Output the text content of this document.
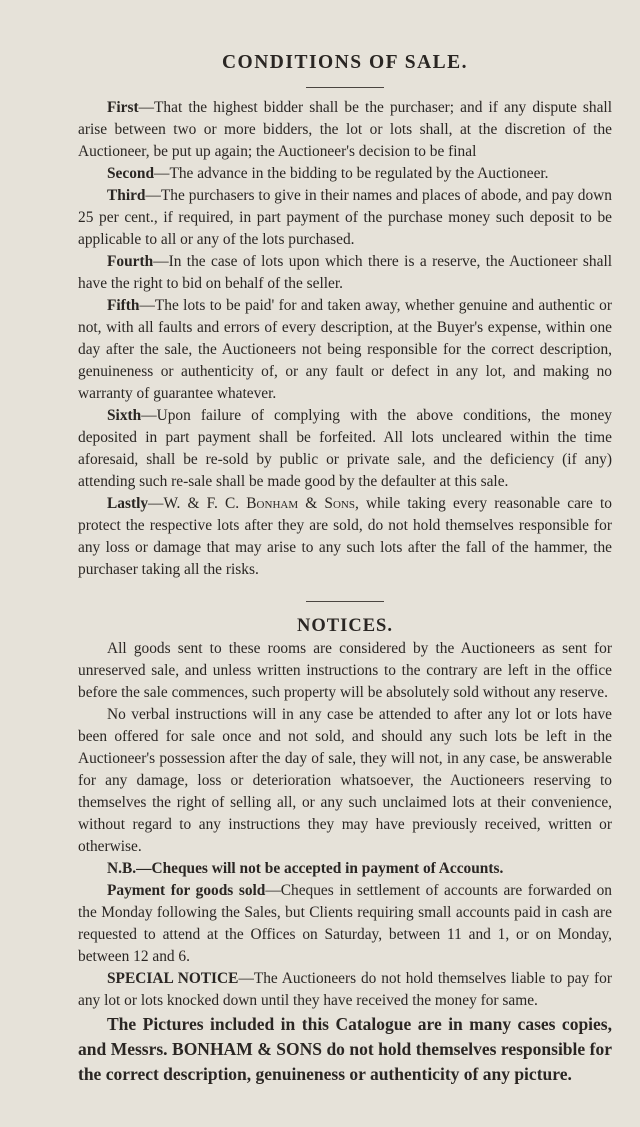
CONDITIONS OF SALE.

First—That the highest bidder shall be the purchaser; and if any dispute shall arise between two or more bidders, the lot or lots shall, at the discretion of the Auctioneer, be put up again; the Auctioneer's decision to be final

Second—The advance in the bidding to be regulated by the Auctioneer.

Third—The purchasers to give in their names and places of abode, and pay down 25 per cent., if required, in part payment of the purchase money such deposit to be applicable to all or any of the lots purchased.

Fourth—In the case of lots upon which there is a reserve, the Auctioneer shall have the right to bid on behalf of the seller.

Fifth—The lots to be paid' for and taken away, whether genuine and authentic or not, with all faults and errors of every description, at the Buyer's expense, within one day after the sale, the Auctioneers not being responsible for the correct description, genuineness or authenticity of, or any fault or defect in any lot, and making no warranty of guarantee whatever.

Sixth—Upon failure of complying with the above conditions, the money deposited in part payment shall be forfeited. All lots uncleared within the time aforesaid, shall be re-sold by public or private sale, and the deficiency (if any) attending such re-sale shall be made good by the defaulter at this sale.

Lastly—W. & F. C. Bonham & Sons, while taking every reasonable care to protect the respective lots after they are sold, do not hold themselves responsible for any loss or damage that may arise to any such lots after the fall of the hammer, the purchaser taking all the risks.

NOTICES.

All goods sent to these rooms are considered by the Auctioneers as sent for unreserved sale, and unless written instructions to the contrary are left in the office before the sale commences, such property will be absolutely sold without any reserve.

No verbal instructions will in any case be attended to after any lot or lots have been offered for sale once and not sold, and should any such lots be left in the Auctioneer's possession after the day of sale, they will not, in any case, be answerable for any damage, loss or deterioration whatsoever, the Auctioneers reserving to themselves the right of selling all, or any such unclaimed lots at their convenience, without regard to any instructions they may have previously received, written or otherwise.

N.B.—Cheques will not be accepted in payment of Accounts.

Payment for goods sold—Cheques in settlement of accounts are forwarded on the Monday following the Sales, but Clients requiring small accounts paid in cash are requested to attend at the Offices on Saturday, between 11 and 1, or on Monday, between 12 and 6.

SPECIAL NOTICE—The Auctioneers do not hold themselves liable to pay for any lot or lots knocked down until they have received the money for same.

The Pictures included in this Catalogue are in many cases copies, and Messrs. BONHAM & SONS do not hold themselves responsible for the correct description, genuineness or authenticity of any picture.
